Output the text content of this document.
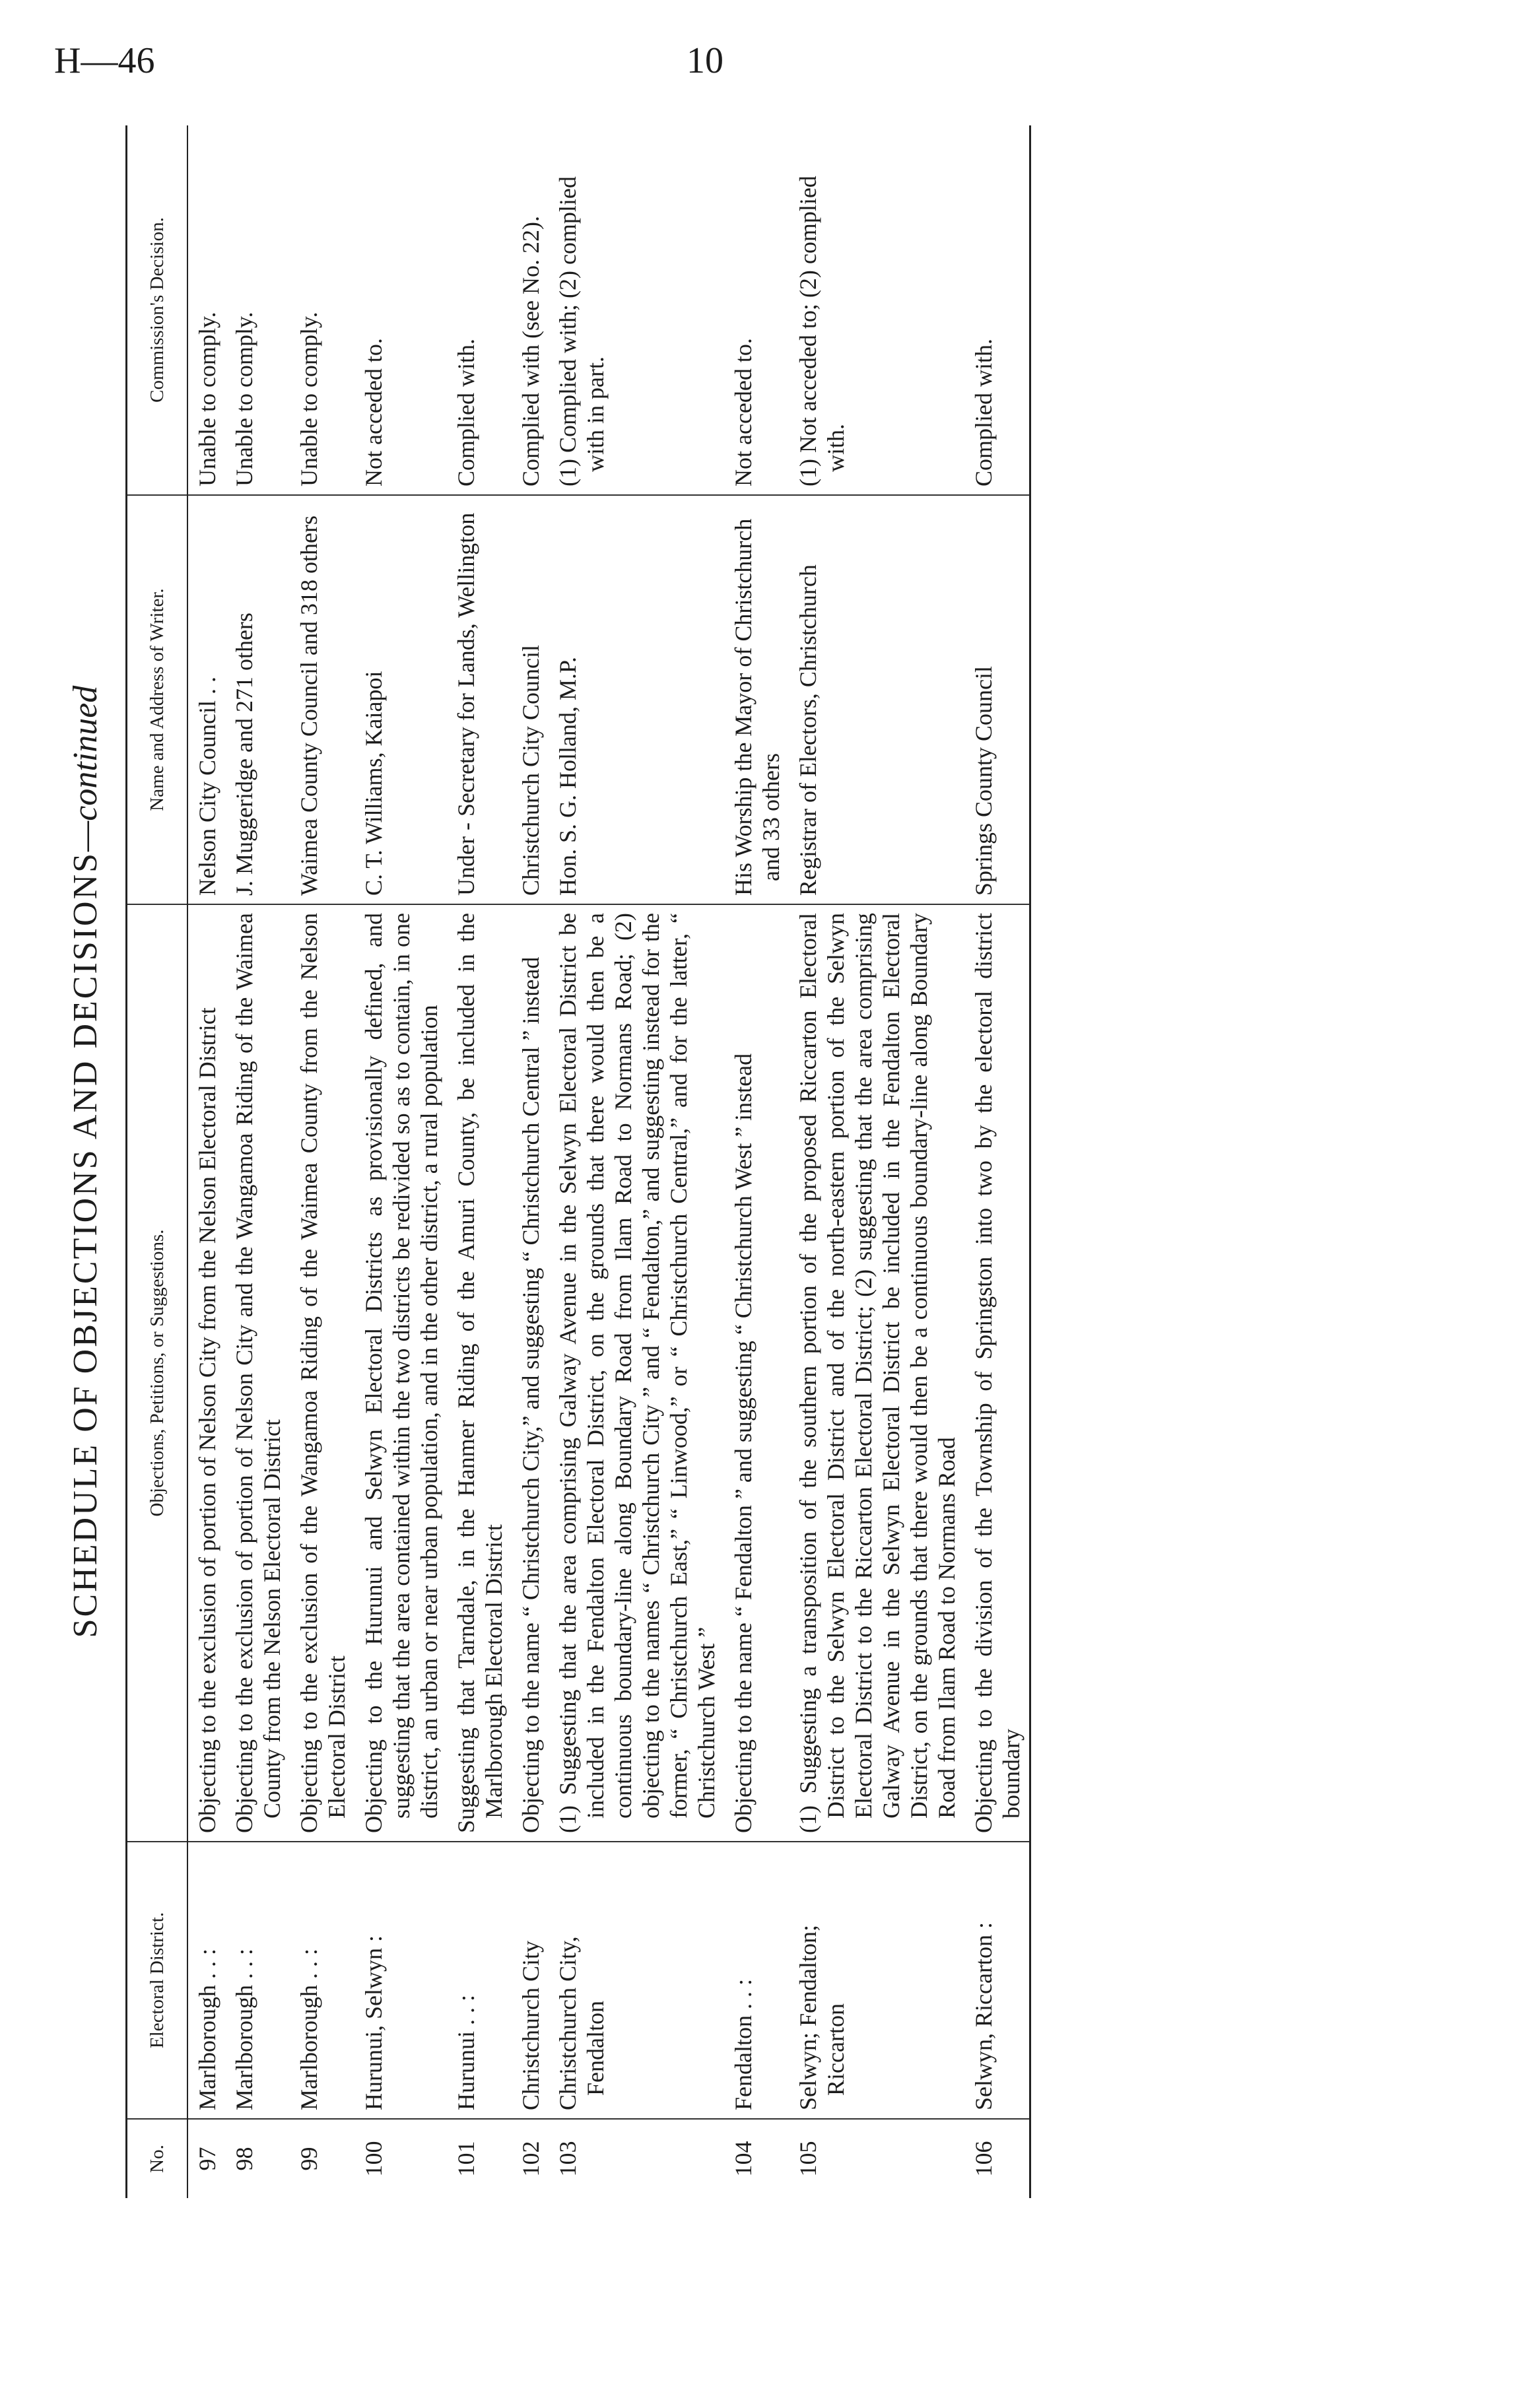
H—46	10
SCHEDULE OF OBJECTIONS AND DECISIONS—continued
No.	Electoral District.	Objections, Petitions, or Suggestions.	Name and Address of Writer.	Commission's Decision.
97	Marlborough . . :	Objecting to the exclusion of portion of Nelson City from the Nelson Electoral District	Nelson City Council . .	Unable to comply.
98	Marlborough . . :	Objecting to the exclusion of portion of Nelson City and the Wangamoa Riding of the Waimea County from the Nelson Electoral District	J. Muggeridge and 271 others	Unable to comply.
99	Marlborough . . :	Objecting to the exclusion of the Wangamoa Riding of the Waimea County from the Nelson Electoral District	Waimea County Council and 318 others	Unable to comply.
100	Hurunui, Selwyn :	Objecting to the Hurunui and Selwyn Electoral Districts as provisionally defined, and suggesting that the area contained within the two districts be redivided so as to contain, in one district, an urban or near urban population, and in the other district, a rural population	C. T. Williams, Kaiapoi	Not acceded to.
101	Hurunui . . :	Suggesting that Tarndale, in the Hanmer Riding of the Amuri County, be included in the Marlborough Electoral District	Under - Secretary for Lands, Wellington	Complied with.
102	Christchurch City	Objecting to the name “ Christchurch City,” and suggesting “ Christchurch Central ” instead	Christchurch City Council	Complied with (see No. 22).
103	Christchurch City, Fendalton	(1) Suggesting that the area comprising Galway Avenue in the Selwyn Electoral District be included in the Fendalton Electoral District, on the grounds that there would then be a continuous boundary-line along Boundary Road from Ilam Road to Normans Road; (2) objecting to the names “ Christchurch City ” and “ Fendalton,” and suggesting instead for the former, “ Christchurch East,” “ Linwood,” or “ Christchurch Central,” and for the latter, “ Christchurch West ”	Hon. S. G. Holland, M.P.	(1) Complied with; (2) complied with in part.
104	Fendalton . . :	Objecting to the name “ Fendalton ” and suggesting “ Christchurch West ” instead	His Worship the Mayor of Christchurch and 33 others	Not acceded to.
105	Selwyn; Fendalton; Riccarton	(1) Suggesting a transposition of the southern portion of the proposed Riccarton Electoral District to the Selwyn Electoral District and of the north-eastern portion of the Selwyn Electoral District to the Riccarton Electoral District; (2) suggesting that the area comprising Galway Avenue in the Selwyn Electoral District be included in the Fendalton Electoral District, on the grounds that there would then be a continuous boundary-line along Boundary Road from Ilam Road to Normans Road	Registrar of Electors, Christchurch	(1) Not acceded to; (2) complied with.
106	Selwyn, Riccarton :	Objecting to the division of the Township of Springston into two by the electoral district boundary	Springs County Council	Complied with.
